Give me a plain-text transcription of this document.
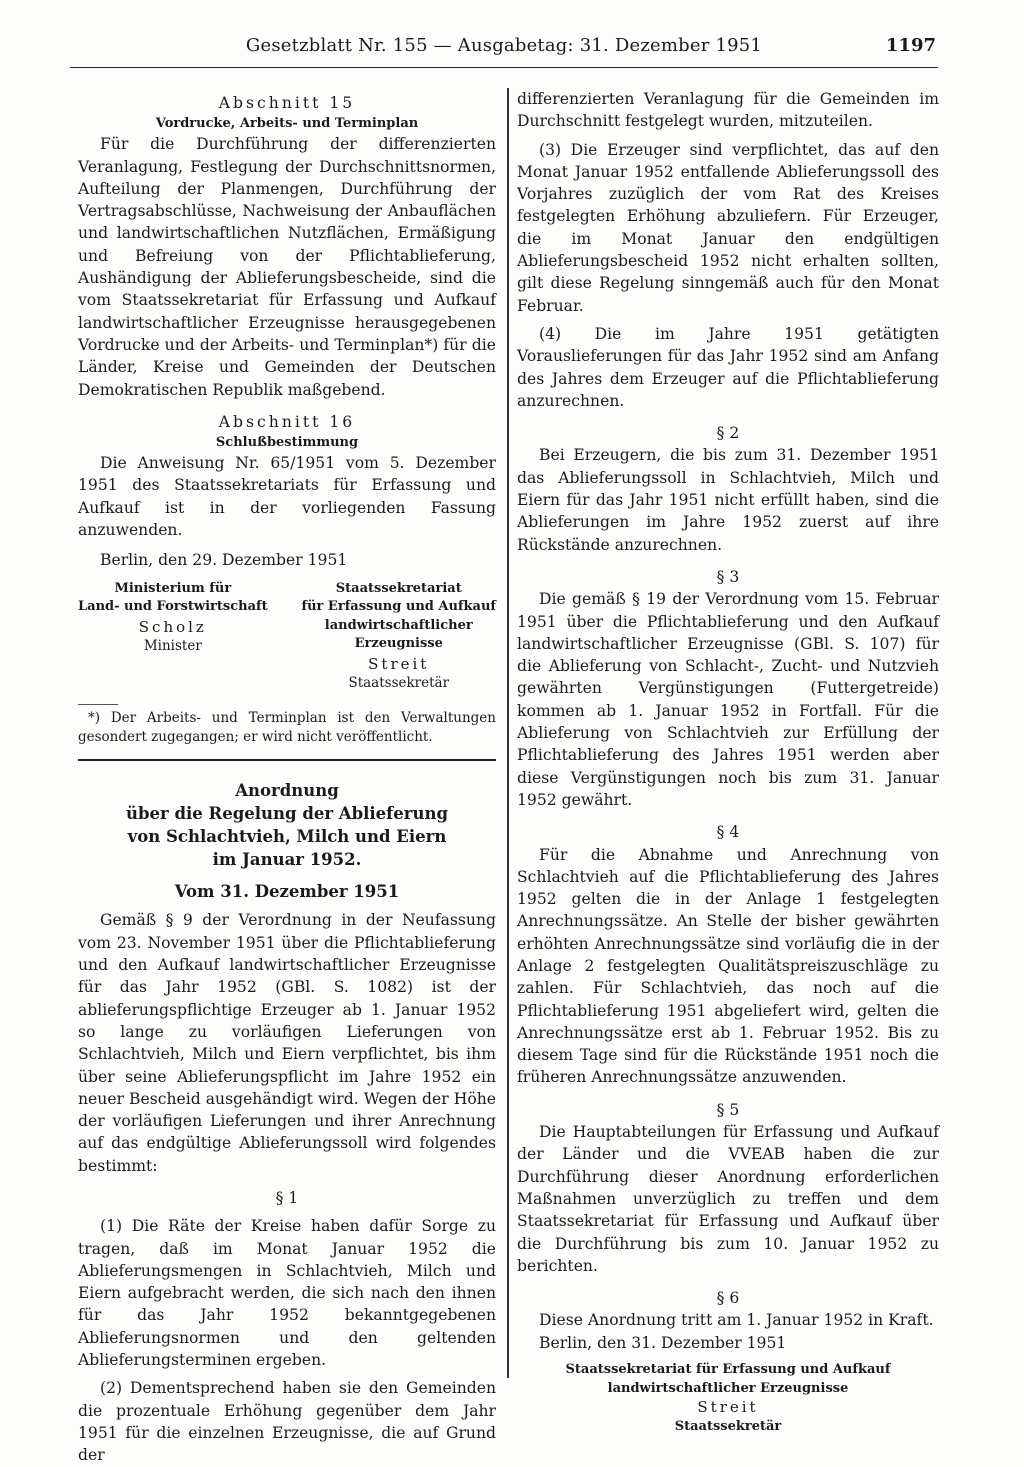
Gesetzblatt Nr. 155 — Ausgabetag: 31. Dezember 1951	1197

Abschnitt 15

Vordrucke, Arbeits- und Terminplan

Für die Durchführung der differenzierten Veranlagung, Festlegung der Durchschnittsnormen, Aufteilung der Planmengen, Durchführung der Vertragsabschlüsse, Nachweisung der Anbauflächen und landwirtschaftlichen Nutzflächen, Ermäßigung und Befreiung von der Pflichtablieferung, Aushändigung der Ablieferungsbescheide, sind die vom Staatssekretariat für Erfassung und Aufkauf landwirtschaftlicher Erzeugnisse herausgegebenen Vordrucke und der Arbeits- und Terminplan*) für die Länder, Kreise und Gemeinden der Deutschen Demokratischen Republik maßgebend.

Abschnitt 16

Schlußbestimmung

Die Anweisung Nr. 65/1951 vom 5. Dezember 1951 des Staatssekretariats für Erfassung und Aufkauf ist in der vorliegenden Fassung anzuwenden.

Berlin, den 29. Dezember 1951

Ministerium für
Land- und Forstwirtschaft
Scholz
Minister
Staatssekretariat
für Erfassung und Aufkauf
landwirtschaftlicher
Erzeugnisse
Streit
Staatssekretär

*) Der Arbeits- und Terminplan ist den Verwaltungen gesondert zugegangen; er wird nicht veröffentlicht.

Anordnung
über die Regelung der Ablieferung
von Schlachtvieh, Milch und Eiern
im Januar 1952.
Vom 31. Dezember 1951

Gemäß § 9 der Verordnung in der Neufassung vom 23. November 1951 über die Pflichtablieferung und den Aufkauf landwirtschaftlicher Erzeugnisse für das Jahr 1952 (GBl. S. 1082) ist der ablieferungspflichtige Erzeuger ab 1. Januar 1952 so lange zu vorläufigen Lieferungen von Schlachtvieh, Milch und Eiern verpflichtet, bis ihm über seine Ablieferungspflicht im Jahre 1952 ein neuer Bescheid ausgehändigt wird. Wegen der Höhe der vorläufigen Lieferungen und ihrer Anrechnung auf das endgültige Ablieferungssoll wird folgendes bestimmt:

§ 1

(1) Die Räte der Kreise haben dafür Sorge zu tragen, daß im Monat Januar 1952 die Ablieferungsmengen in Schlachtvieh, Milch und Eiern aufgebracht werden, die sich nach den ihnen für das Jahr 1952 bekanntgegebenen Ablieferungsnormen und den geltenden Ablieferungsterminen ergeben.

(2) Dementsprechend haben sie den Gemeinden die prozentuale Erhöhung gegenüber dem Jahr 1951 für die einzelnen Erzeugnisse, die auf Grund der

differenzierten Veranlagung für die Gemeinden im Durchschnitt festgelegt wurden, mitzuteilen.

(3) Die Erzeuger sind verpflichtet, das auf den Monat Januar 1952 entfallende Ablieferungssoll des Vorjahres zuzüglich der vom Rat des Kreises festgelegten Erhöhung abzuliefern. Für Erzeuger, die im Monat Januar den endgültigen Ablieferungsbescheid 1952 nicht erhalten sollten, gilt diese Regelung sinngemäß auch für den Monat Februar.

(4) Die im Jahre 1951 getätigten Vorauslieferungen für das Jahr 1952 sind am Anfang des Jahres dem Erzeuger auf die Pflichtablieferung anzurechnen.

§ 2

Bei Erzeugern, die bis zum 31. Dezember 1951 das Ablieferungssoll in Schlachtvieh, Milch und Eiern für das Jahr 1951 nicht erfüllt haben, sind die Ablieferungen im Jahre 1952 zuerst auf ihre Rückstände anzurechnen.

§ 3

Die gemäß § 19 der Verordnung vom 15. Februar 1951 über die Pflichtablieferung und den Aufkauf landwirtschaftlicher Erzeugnisse (GBl. S. 107) für die Ablieferung von Schlacht-, Zucht- und Nutzvieh gewährten Vergünstigungen (Futtergetreide) kommen ab 1. Januar 1952 in Fortfall. Für die Ablieferung von Schlachtvieh zur Erfüllung der Pflichtablieferung des Jahres 1951 werden aber diese Vergünstigungen noch bis zum 31. Januar 1952 gewährt.

§ 4

Für die Abnahme und Anrechnung von Schlachtvieh auf die Pflichtablieferung des Jahres 1952 gelten die in der Anlage 1 festgelegten Anrechnungssätze. An Stelle der bisher gewährten erhöhten Anrechnungssätze sind vorläufig die in der Anlage 2 festgelegten Qualitätspreiszuschläge zu zahlen. Für Schlachtvieh, das noch auf die Pflichtablieferung 1951 abgeliefert wird, gelten die Anrechnungssätze erst ab 1. Februar 1952. Bis zu diesem Tage sind für die Rückstände 1951 noch die früheren Anrechnungssätze anzuwenden.

§ 5

Die Hauptabteilungen für Erfassung und Aufkauf der Länder und die VVEAB haben die zur Durchführung dieser Anordnung erforderlichen Maßnahmen unverzüglich zu treffen und dem Staatssekretariat für Erfassung und Aufkauf über die Durchführung bis zum 10. Januar 1952 zu berichten.

§ 6

Diese Anordnung tritt am 1. Januar 1952 in Kraft.

Berlin, den 31. Dezember 1951

Staatssekretariat für Erfassung und Aufkauf
landwirtschaftlicher Erzeugnisse
Streit
Staatssekretär
